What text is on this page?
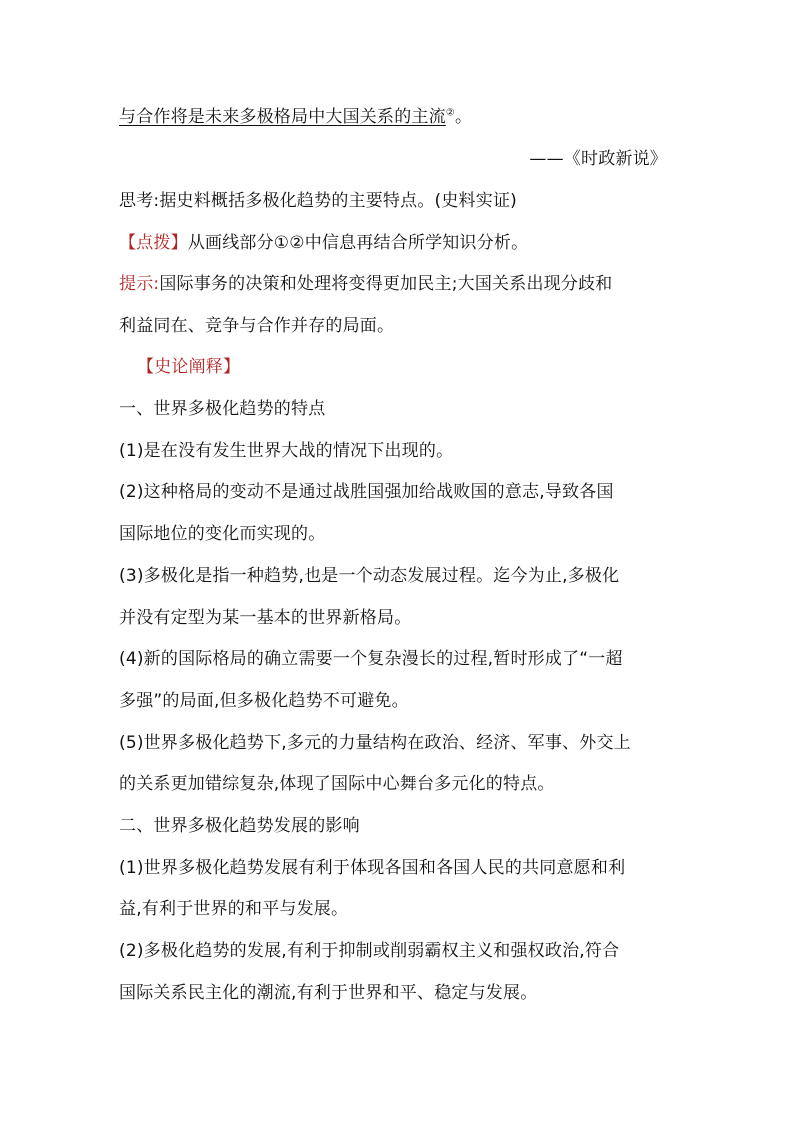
与合作将是未来多极格局中大国关系的主流②。
——《时政新说》
思考:据史料概括多极化趋势的主要特点。(史料实证)
【点拨】从画线部分①②中信息再结合所学知识分析。
提示:国际事务的决策和处理将变得更加民主;大国关系出现分歧和
利益同在、竞争与合作并存的局面。
【史论阐释】
一、世界多极化趋势的特点
(1)是在没有发生世界大战的情况下出现的。
(2)这种格局的变动不是通过战胜国强加给战败国的意志,导致各国
国际地位的变化而实现的。
(3)多极化是指一种趋势,也是一个动态发展过程。迄今为止,多极化
并没有定型为某一基本的世界新格局。
(4)新的国际格局的确立需要一个复杂漫长的过程,暂时形成了“一超
多强”的局面,但多极化趋势不可避免。
(5)世界多极化趋势下,多元的力量结构在政治、经济、军事、外交上
的关系更加错综复杂,体现了国际中心舞台多元化的特点。
二、世界多极化趋势发展的影响
(1)世界多极化趋势发展有利于体现各国和各国人民的共同意愿和利
益,有利于世界的和平与发展。
(2)多极化趋势的发展,有利于抑制或削弱霸权主义和强权政治,符合
国际关系民主化的潮流,有利于世界和平、稳定与发展。
